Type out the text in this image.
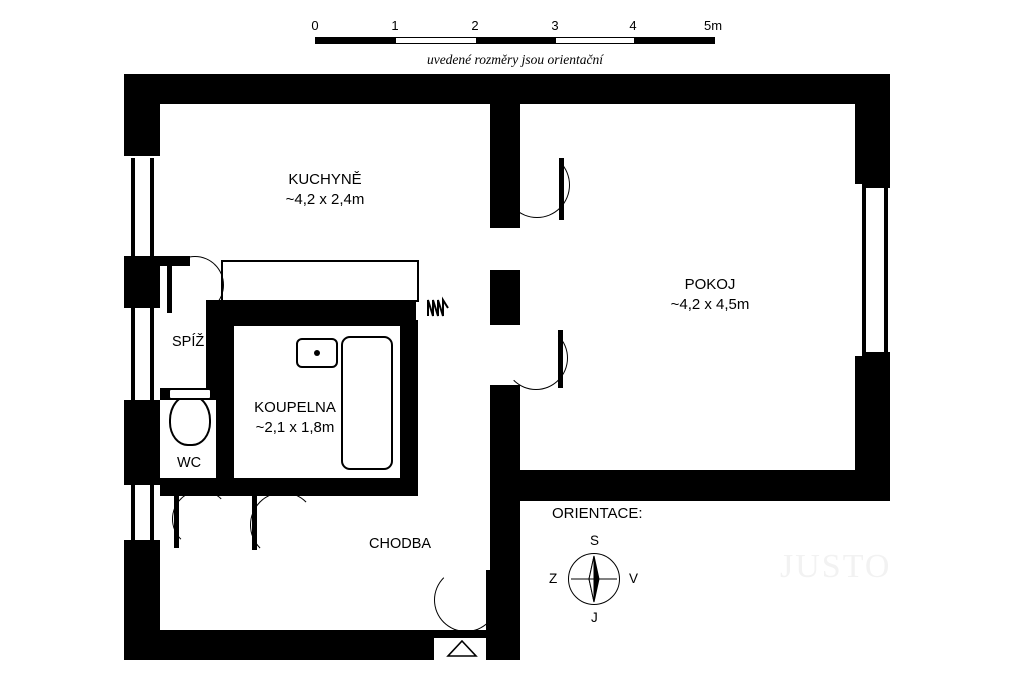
0	1	2	3	4	5m
uvedené rozměry jsou orientační
KUCHYNĚ
~4,2 x 2,4m
POKOJ
~4,2 x 4,5m
KOUPELNA
~2,1 x 1,8m
SPÍŽ
WC
CHODBA
ORIENTACE:
S
V
J
Z	JUSTO
